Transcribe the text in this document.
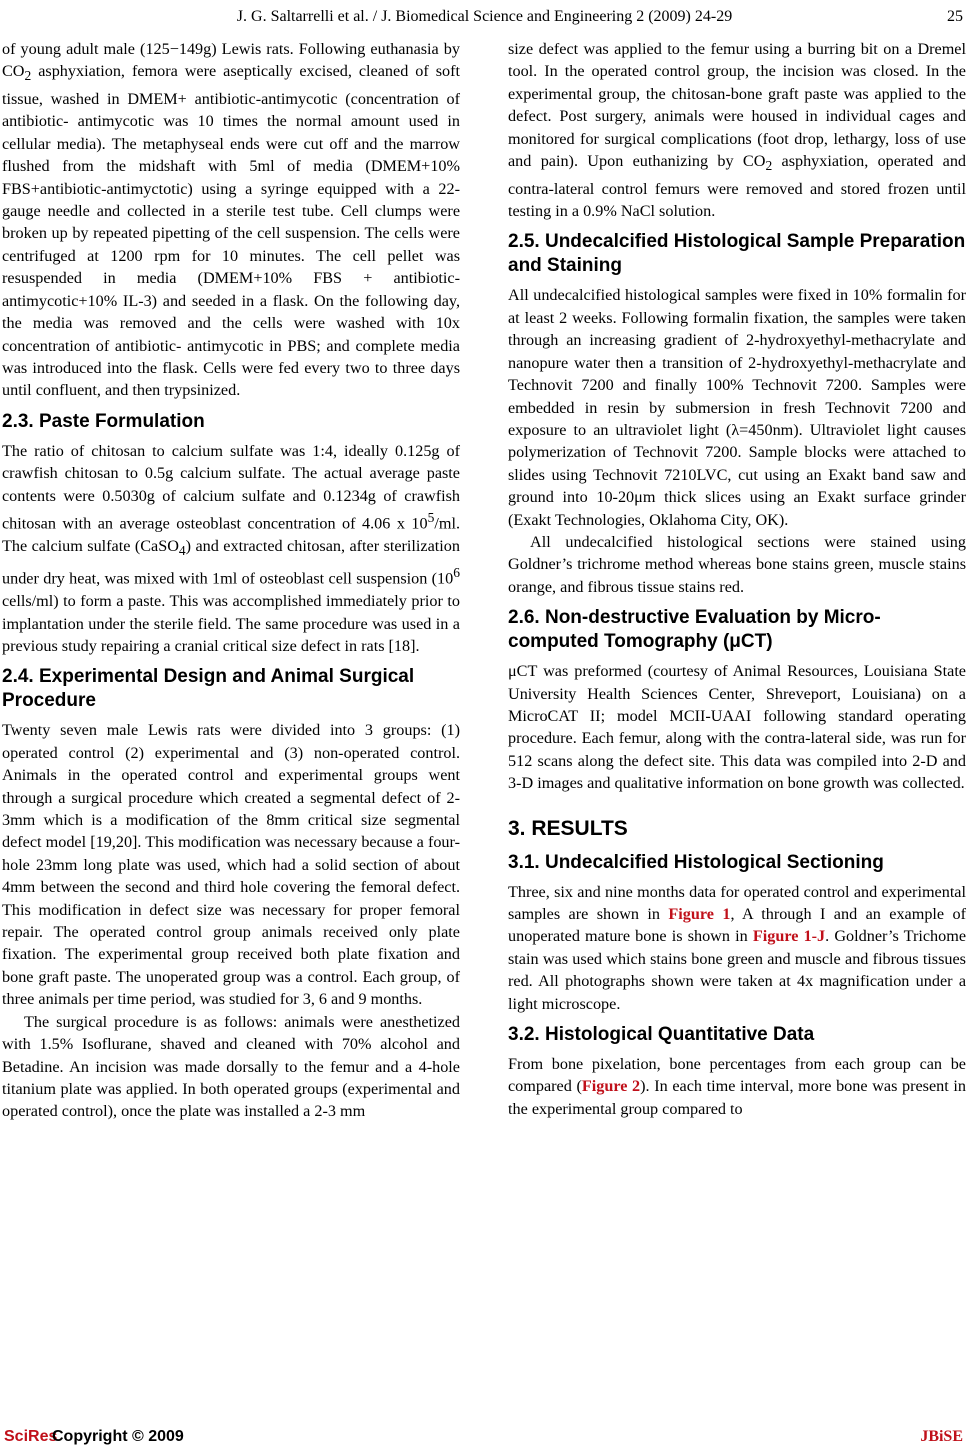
J. G. Saltarrelli et al. / J. Biomedical Science and Engineering 2 (2009) 24-29	25

of young adult male (125−149g) Lewis rats. Following euthanasia by $CO_2$ asphyxiation, femora were aseptically excised, cleaned of soft tissue, washed in DMEM+ antibiotic-antimycotic (concentration of antibiotic- antimycotic was 10 times the normal amount used in cellular media). The metaphyseal ends were cut off and the marrow flushed from the midshaft with 5ml of media (DMEM+10% FBS+antibiotic-antimyctotic) using a syringe equipped with a 22-gauge needle and collected in a sterile test tube. Cell clumps were broken up by repeated pipetting of the cell suspension. The cells were centrifuged at 1200 rpm for 10 minutes. The cell pellet was resuspended in media (DMEM+10% FBS + antibiotic-antimycotic+10% IL-3) and seeded in a flask. On the following day, the media was removed and the cells were washed with 10x concentration of antibiotic- antimycotic in PBS; and complete media was introduced into the flask. Cells were fed every two to three days until confluent, and then trypsinized.

2.3. Paste Formulation

The ratio of chitosan to calcium sulfate was 1:4, ideally 0.125g of crawfish chitosan to 0.5g calcium sulfate. The actual average paste contents were 0.5030g of calcium sulfate and 0.1234g of crawfish chitosan with an average osteoblast concentration of 4.06 x $10^5/ml$. The calcium sulfate (CaSO$_4$) and extracted chitosan, after sterilization under dry heat, was mixed with 1ml of osteoblast cell suspension ($10^6$ cells/ml) to form a paste. This was accomplished immediately prior to implantation under the sterile field. The same procedure was used in a previous study repairing a cranial critical size defect in rats [18].

2.4. Experimental Design and Animal Surgical Procedure

Twenty seven male Lewis rats were divided into 3 groups: (1) operated control (2) experimental and (3) non-operated control. Animals in the operated control and experimental groups went through a surgical procedure which created a segmental defect of 2-3mm which is a modification of the 8mm critical size segmental defect model [19,20]. This modification was necessary because a four-hole 23mm long plate was used, which had a solid section of about 4mm between the second and third hole covering the femoral defect. This modification in defect size was necessary for proper femoral repair. The operated control group animals received only plate fixation. The experimental group received both plate fixation and bone graft paste. The unoperated group was a control. Each group, of three animals per time period, was studied for 3, 6 and 9 months.

The surgical procedure is as follows: animals were anesthetized with 1.5% Isoflurane, shaved and cleaned with 70% alcohol and Betadine. An incision was made dorsally to the femur and a 4-hole titanium plate was applied. In both operated groups (experimental and operated control), once the plate was installed a 2-3 mm

size defect was applied to the femur using a burring bit on a Dremel tool. In the operated control group, the incision was closed. In the experimental group, the chitosan-bone graft paste was applied to the defect. Post surgery, animals were housed in individual cages and monitored for surgical complications (foot drop, lethargy, loss of use and pain). Upon euthanizing by $CO_2$ asphyxiation, operated and contra-lateral control femurs were removed and stored frozen until testing in a 0.9% NaCl solution.

2.5. Undecalcified Histological Sample Preparation and Staining

All undecalcified histological samples were fixed in 10% formalin for at least 2 weeks. Following formalin fixation, the samples were taken through an increasing gradient of 2-hydroxyethyl-methacrylate and nanopure water then a transition of 2-hydroxyethyl-methacrylate and Technovit 7200 and finally 100% Technovit 7200. Samples were embedded in resin by submersion in fresh Technovit 7200 and exposure to an ultraviolet light (λ=450nm). Ultraviolet light causes polymerization of Technovit 7200. Sample blocks were attached to slides using Technovit 7210LVC, cut using an Exakt band saw and ground into 10-20μm thick slices using an Exakt surface grinder (Exakt Technologies, Oklahoma City, OK).

All undecalcified histological sections were stained using Goldner’s trichrome method whereas bone stains green, muscle stains orange, and fibrous tissue stains red.

2.6. Non-destructive Evaluation by Micro-computed Tomography (μCT)

μCT was preformed (courtesy of Animal Resources, Louisiana State University Health Sciences Center, Shreveport, Louisiana) on a MicroCAT II; model MCII-UAAI following standard operating procedure. Each femur, along with the contra-lateral side, was run for 512 scans along the defect site. This data was compiled into 2-D and 3-D images and qualitative information on bone growth was collected.

3. RESULTS
3.1. Undecalcified Histological Sectioning

Three, six and nine months data for operated control and experimental samples are shown in Figure 1, A through I and an example of unoperated mature bone is shown in Figure 1-J. Goldner’s Trichome stain was used which stains bone green and muscle and fibrous tissues red. All photographs shown were taken at 4x magnification under a light microscope.

3.2. Histological Quantitative Data

From bone pixelation, bone percentages from each group can be compared (Figure 2). In each time interval, more bone was present in the experimental group compared to

SciRes
Copyright © 2009	JBiSE
